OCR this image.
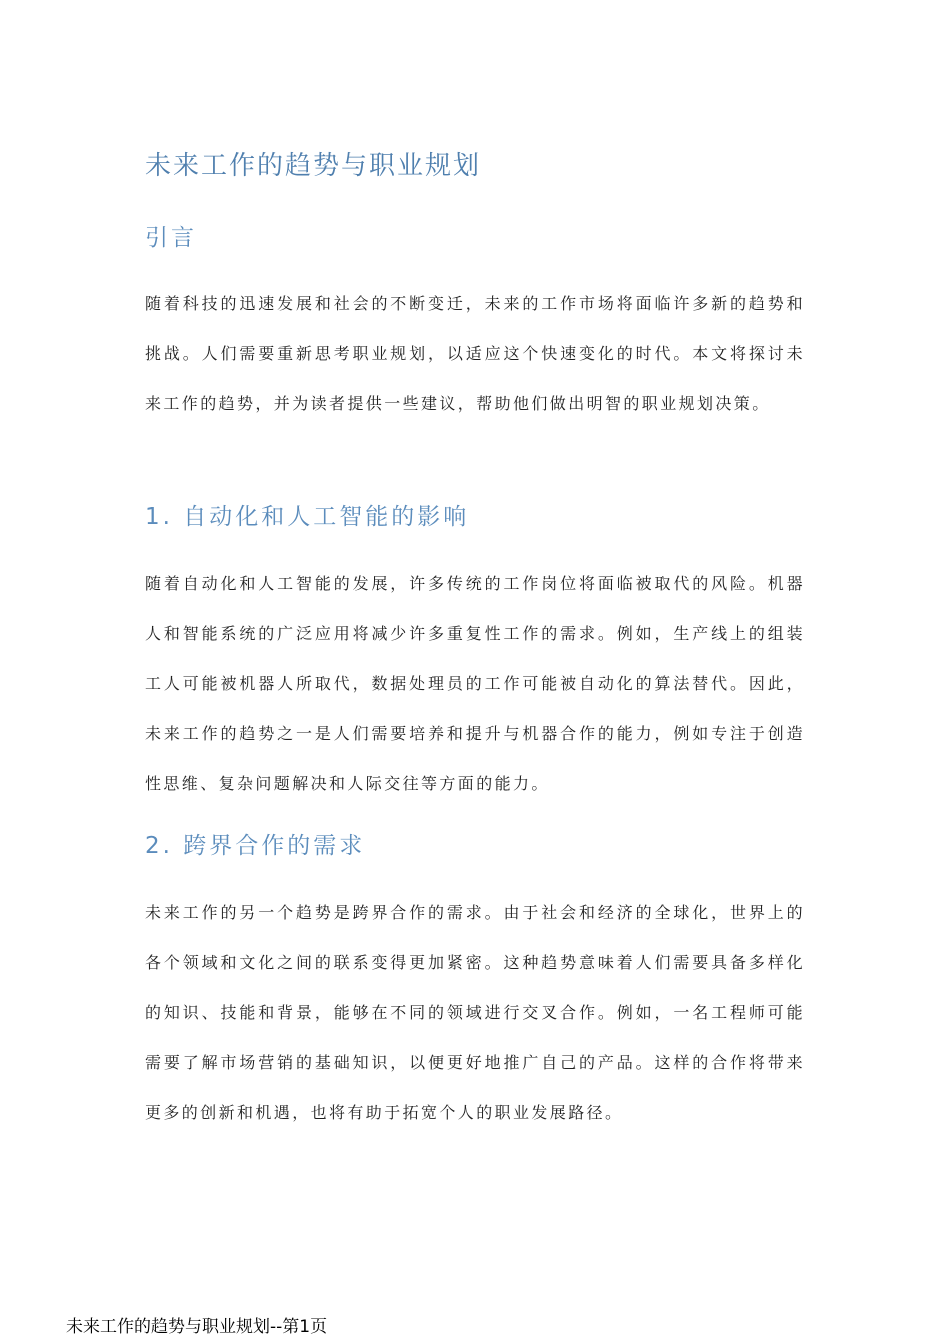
未来工作的趋势与职业规划
引言

随着科技的迅速发展和社会的不断变迁，未来的工作市场将面临许多新的趋势和挑战。人们需要重新思考职业规划，以适应这个快速变化的时代。本文将探讨未来工作的趋势，并为读者提供一些建议，帮助他们做出明智的职业规划决策。

1. 自动化和人工智能的影响

随着自动化和人工智能的发展，许多传统的工作岗位将面临被取代的风险。机器人和智能系统的广泛应用将减少许多重复性工作的需求。例如，生产线上的组装工人可能被机器人所取代，数据处理员的工作可能被自动化的算法替代。因此，未来工作的趋势之一是人们需要培养和提升与机器合作的能力，例如专注于创造性思维、复杂问题解决和人际交往等方面的能力。

2. 跨界合作的需求

未来工作的另一个趋势是跨界合作的需求。由于社会和经济的全球化，世界上的各个领域和文化之间的联系变得更加紧密。这种趋势意味着人们需要具备多样化的知识、技能和背景，能够在不同的领域进行交叉合作。例如，一名工程师可能需要了解市场营销的基础知识，以便更好地推广自己的产品。这样的合作将带来更多的创新和机遇，也将有助于拓宽个人的职业发展路径。

未来工作的趋势与职业规划--第1页
